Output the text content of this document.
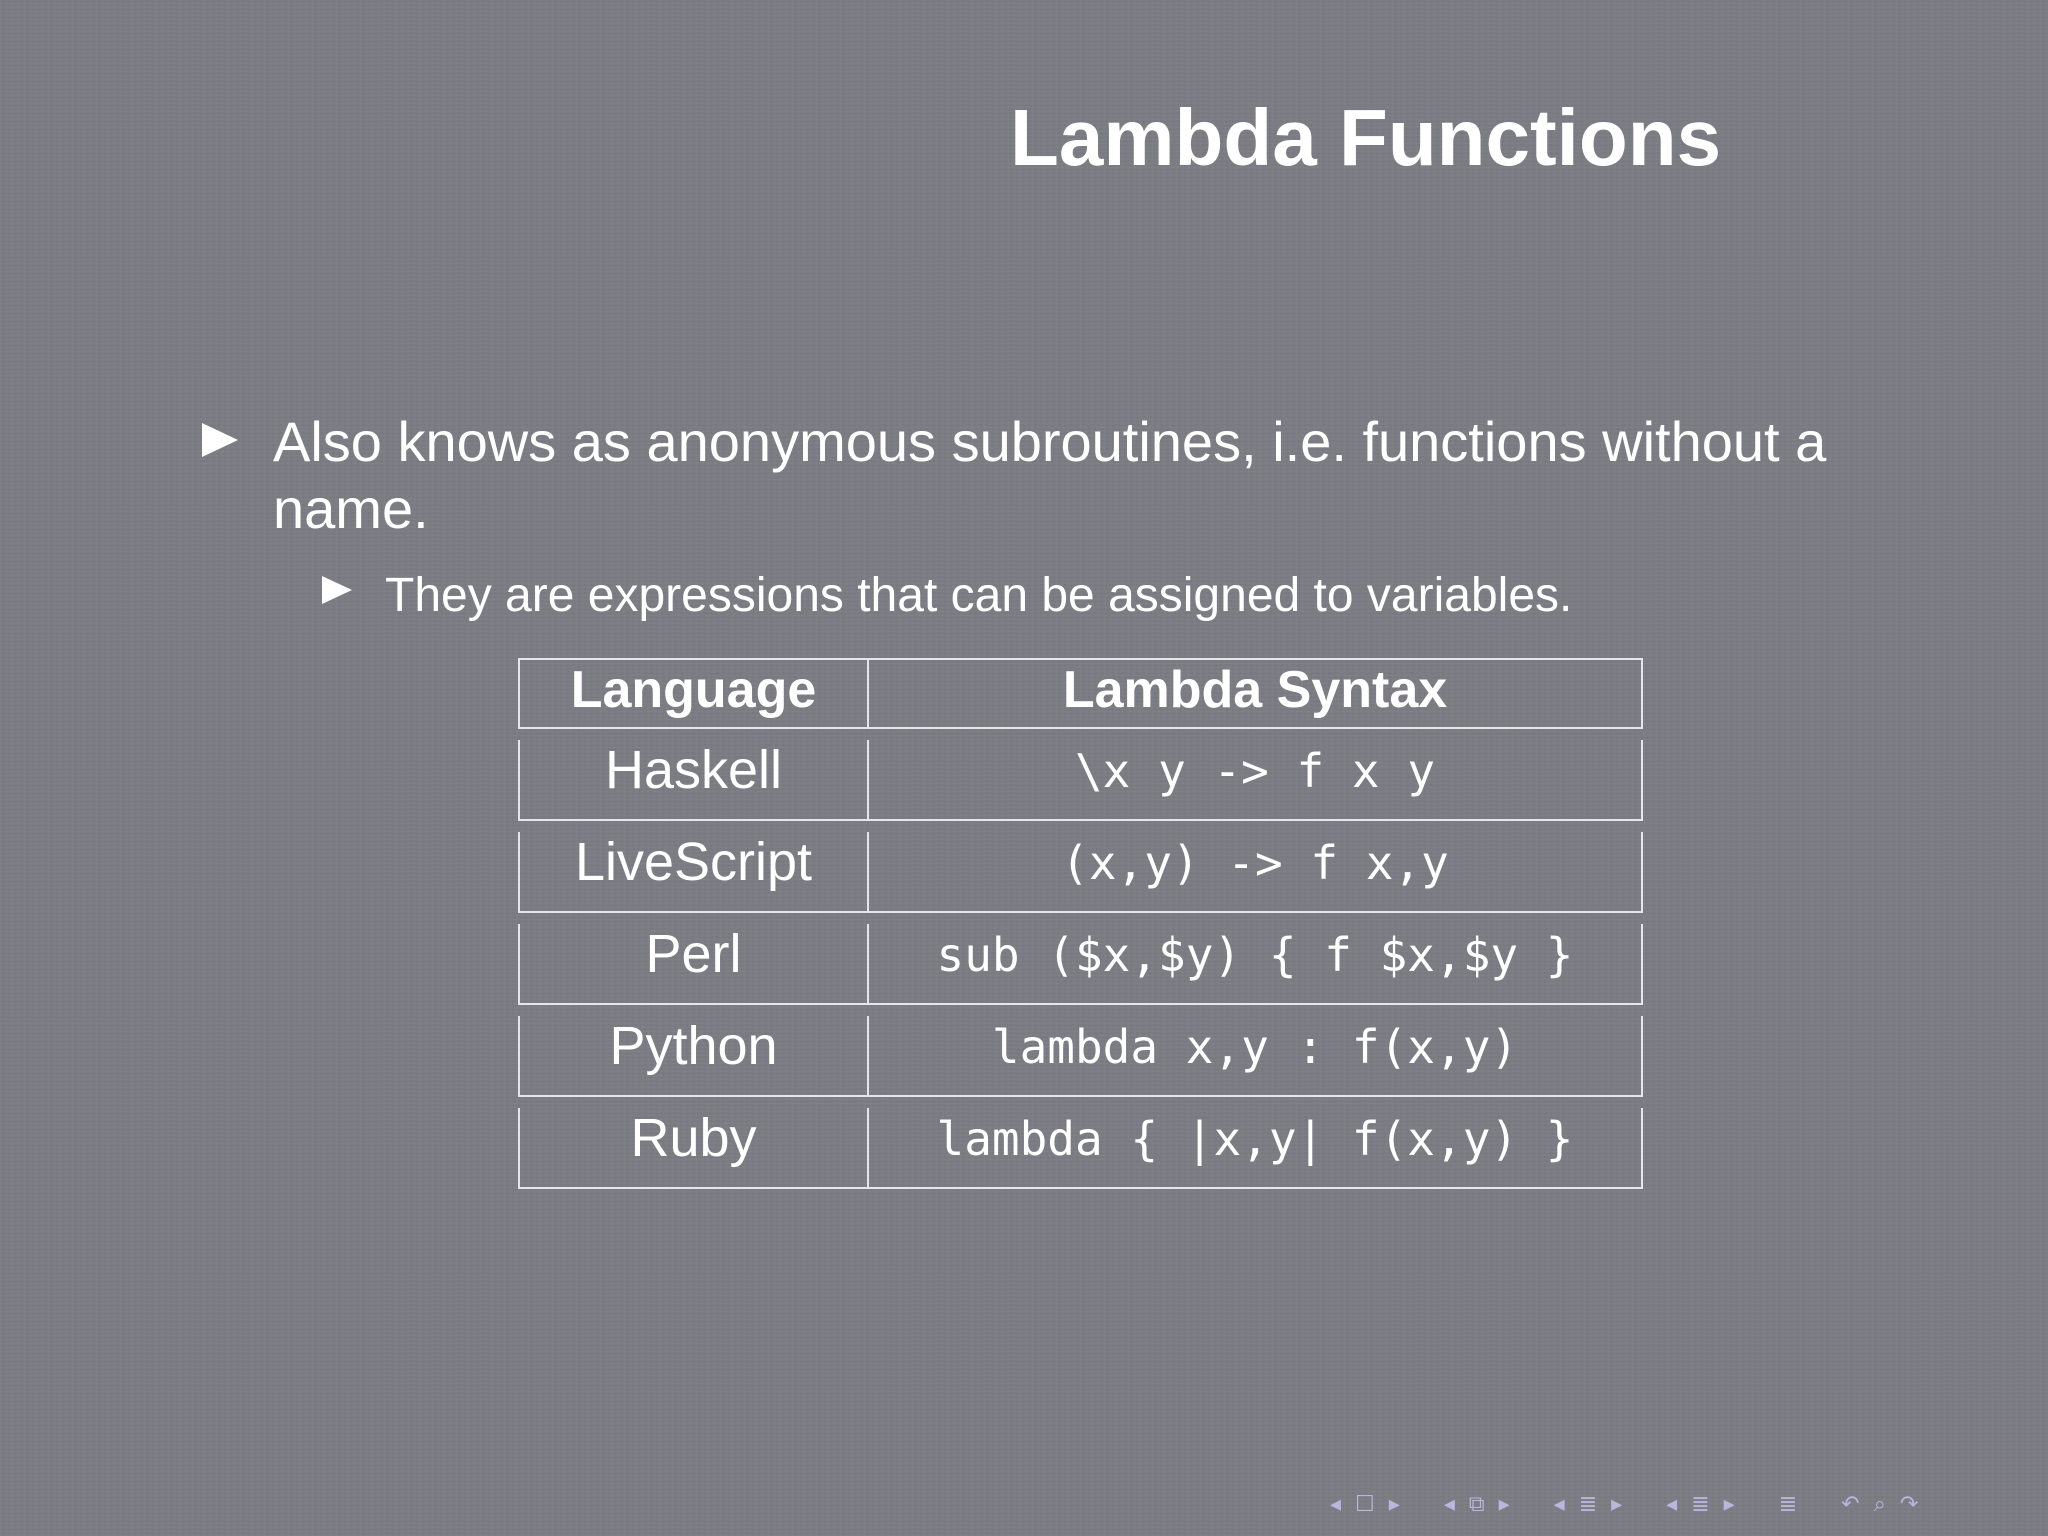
Lambda Functions
Also knows as anonymous subroutines, i.e. functions without a name.
They are expressions that can be assigned to variables.
Language	Lambda Syntax
Haskell	\x y -> f x y
LiveScript	(x,y) -> f x,y
Perl	sub ($x,$y) { f $x,$y }
Python	lambda x,y : f(x,y)
Ruby	lambda { |x,y| f(x,y) }
◂ ☐ ▸ ◂ ⧉ ▸ ◂ ≣ ▸ ◂ ≣ ▸ ≣ ↶ ⌕ ↷
